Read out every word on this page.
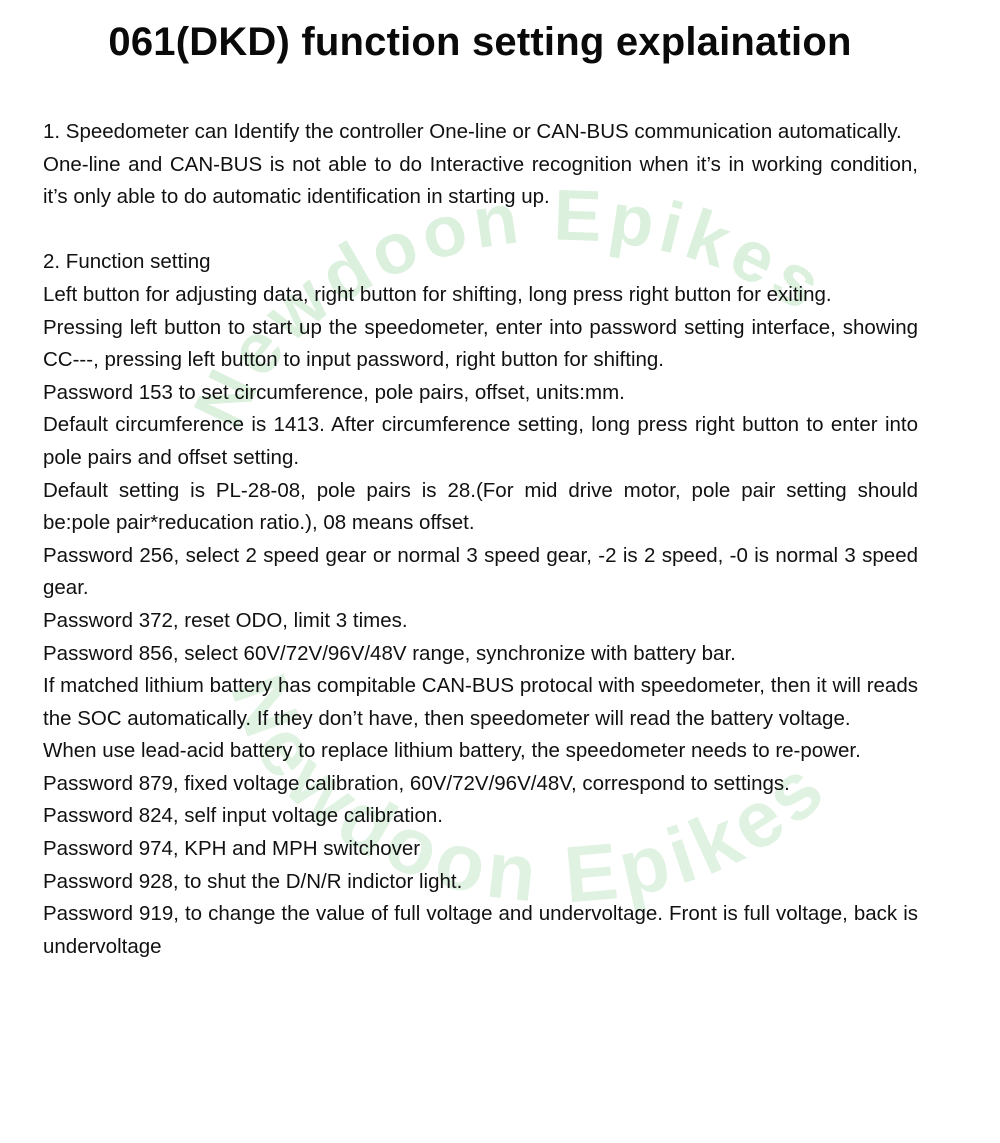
Newdoon Epikes
Newdoon Epikes
061(DKD) function setting explaination

1. Speedometer can Identify the controller One-line or CAN-BUS communication automatically.

One-line and CAN-BUS is not able to do Interactive recognition when it’s in working condition, it’s only able to do automatic identification in starting up.

2. Function setting

Left button for adjusting data, right button for shifting, long press right button for exiting.

Pressing left button to start up the speedometer, enter into password setting interface, showing CC---, pressing left button to input password, right button for shifting.

Password 153 to set circumference, pole pairs, offset, units:mm.

Default circumference is 1413. After circumference setting, long press right button to enter into pole pairs and offset setting.

Default setting is PL-28-08, pole pairs is 28.(For mid drive motor, pole pair setting should be:pole pair*reducation ratio.), 08 means offset.

Password 256, select 2 speed gear or normal 3 speed gear, -2 is 2 speed, -0 is normal 3 speed gear.

Password 372, reset ODO, limit 3 times.

Password 856, select 60V/72V/96V/48V range, synchronize with battery bar.

If matched lithium battery has compitable CAN-BUS protocal with speedometer, then it will reads the SOC automatically. If they don’t have, then speedometer will read the battery voltage.

When use lead-acid battery to replace lithium battery, the speedometer needs to re-power.

Password 879, fixed voltage calibration, 60V/72V/96V/48V, correspond to settings.

Password 824, self input voltage calibration.

Password 974, KPH and MPH switchover

Password 928, to shut the D/N/R indictor light.

Password 919, to change the value of full voltage and undervoltage. Front is full voltage, back is undervoltage
